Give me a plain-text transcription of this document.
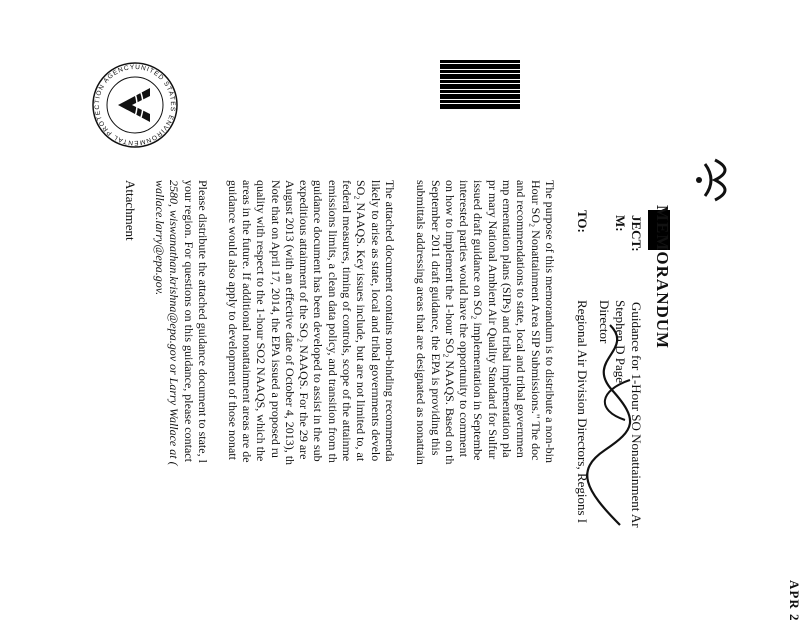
UNITED STATES ENVIRONMENTAL PROTECTION AGENCY
APR 2
MEMORANDUM
JECT:
Guidance for 1-Hour SO Nonattainment Ar
M:
Stephen D Page
Director
TO:
Regional Air Division Directors, Regions I
Attachment	The purpose of this memorandum is to distribute a non-bin
Hour SO₂ Nonattainment Area SIP Submissions." The doc
and recommendations to state, local and tribal governmen
mp ementation plans (SIPs) and tribal implementation pla
pr mary National Ambient Air Quality Standard for Sulfur
issued draft guidance on SO₂ implementation in Septembe
interested parties would have the opportunity to comment
on how to implement the 1-hour SO₂ NAAQS. Based on th
September 2011 draft guidance, the EPA is providing this
submittals addressing areas that are designated as nonattain
The attached document contains non-binding recommenda
likely to arise as state, local and tribal governments develo
SO₂ NAAQS. Key issues include, but are not limited to, at
federal measures, timing of controls, scope of the attainme
emissions limits, a clean data policy, and transition from th
guidance document has been developed to assist in the sub
expeditious attainment of the SO₂ NAAQS. For the 29 are
August 2013 (with an effective date of October 4, 2013), th
Note that on April 17, 2014, the EPA issued a proposed ru
quality with respect to the 1-hour SO2 NAAQS, which the
areas in the future. If additional nonattainment areas are de
guidance would also apply to development of those nonatt
Please distribute the attached guidance document to state, l
your region. For questions on this guidance, please contact
2580, wiswanathan.krishna@epa.gov or Larry Wallace at (
wallace.larry@epa.gov.
